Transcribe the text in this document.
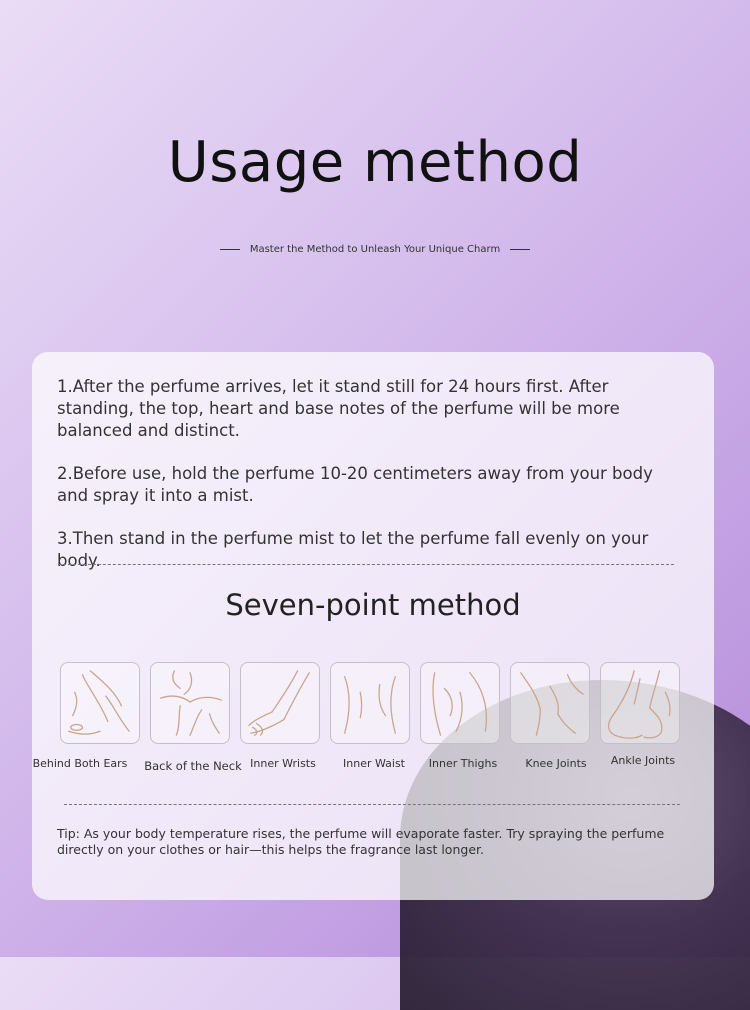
Usage method
Master the Method to Unleash Your Unique Charm

1.After the perfume arrives, let it stand still for 24 hours first. After standing, the top, heart and base notes of the perfume will be more balanced and distinct.

2.Before use, hold the perfume 10-20 centimeters away from your body and spray it into a mist.

3.Then stand in the perfume mist to let the perfume fall evenly on your body.

Seven-point method
Behind Both Ears Back of the Neck Inner Wrists	Inner Waist	Inner Thighs	Knee Joints	Ankle Joints
Tip: As your body temperature rises, the perfume will evaporate faster. Try spraying the perfume directly on your clothes or hair—this helps the fragrance last longer.
